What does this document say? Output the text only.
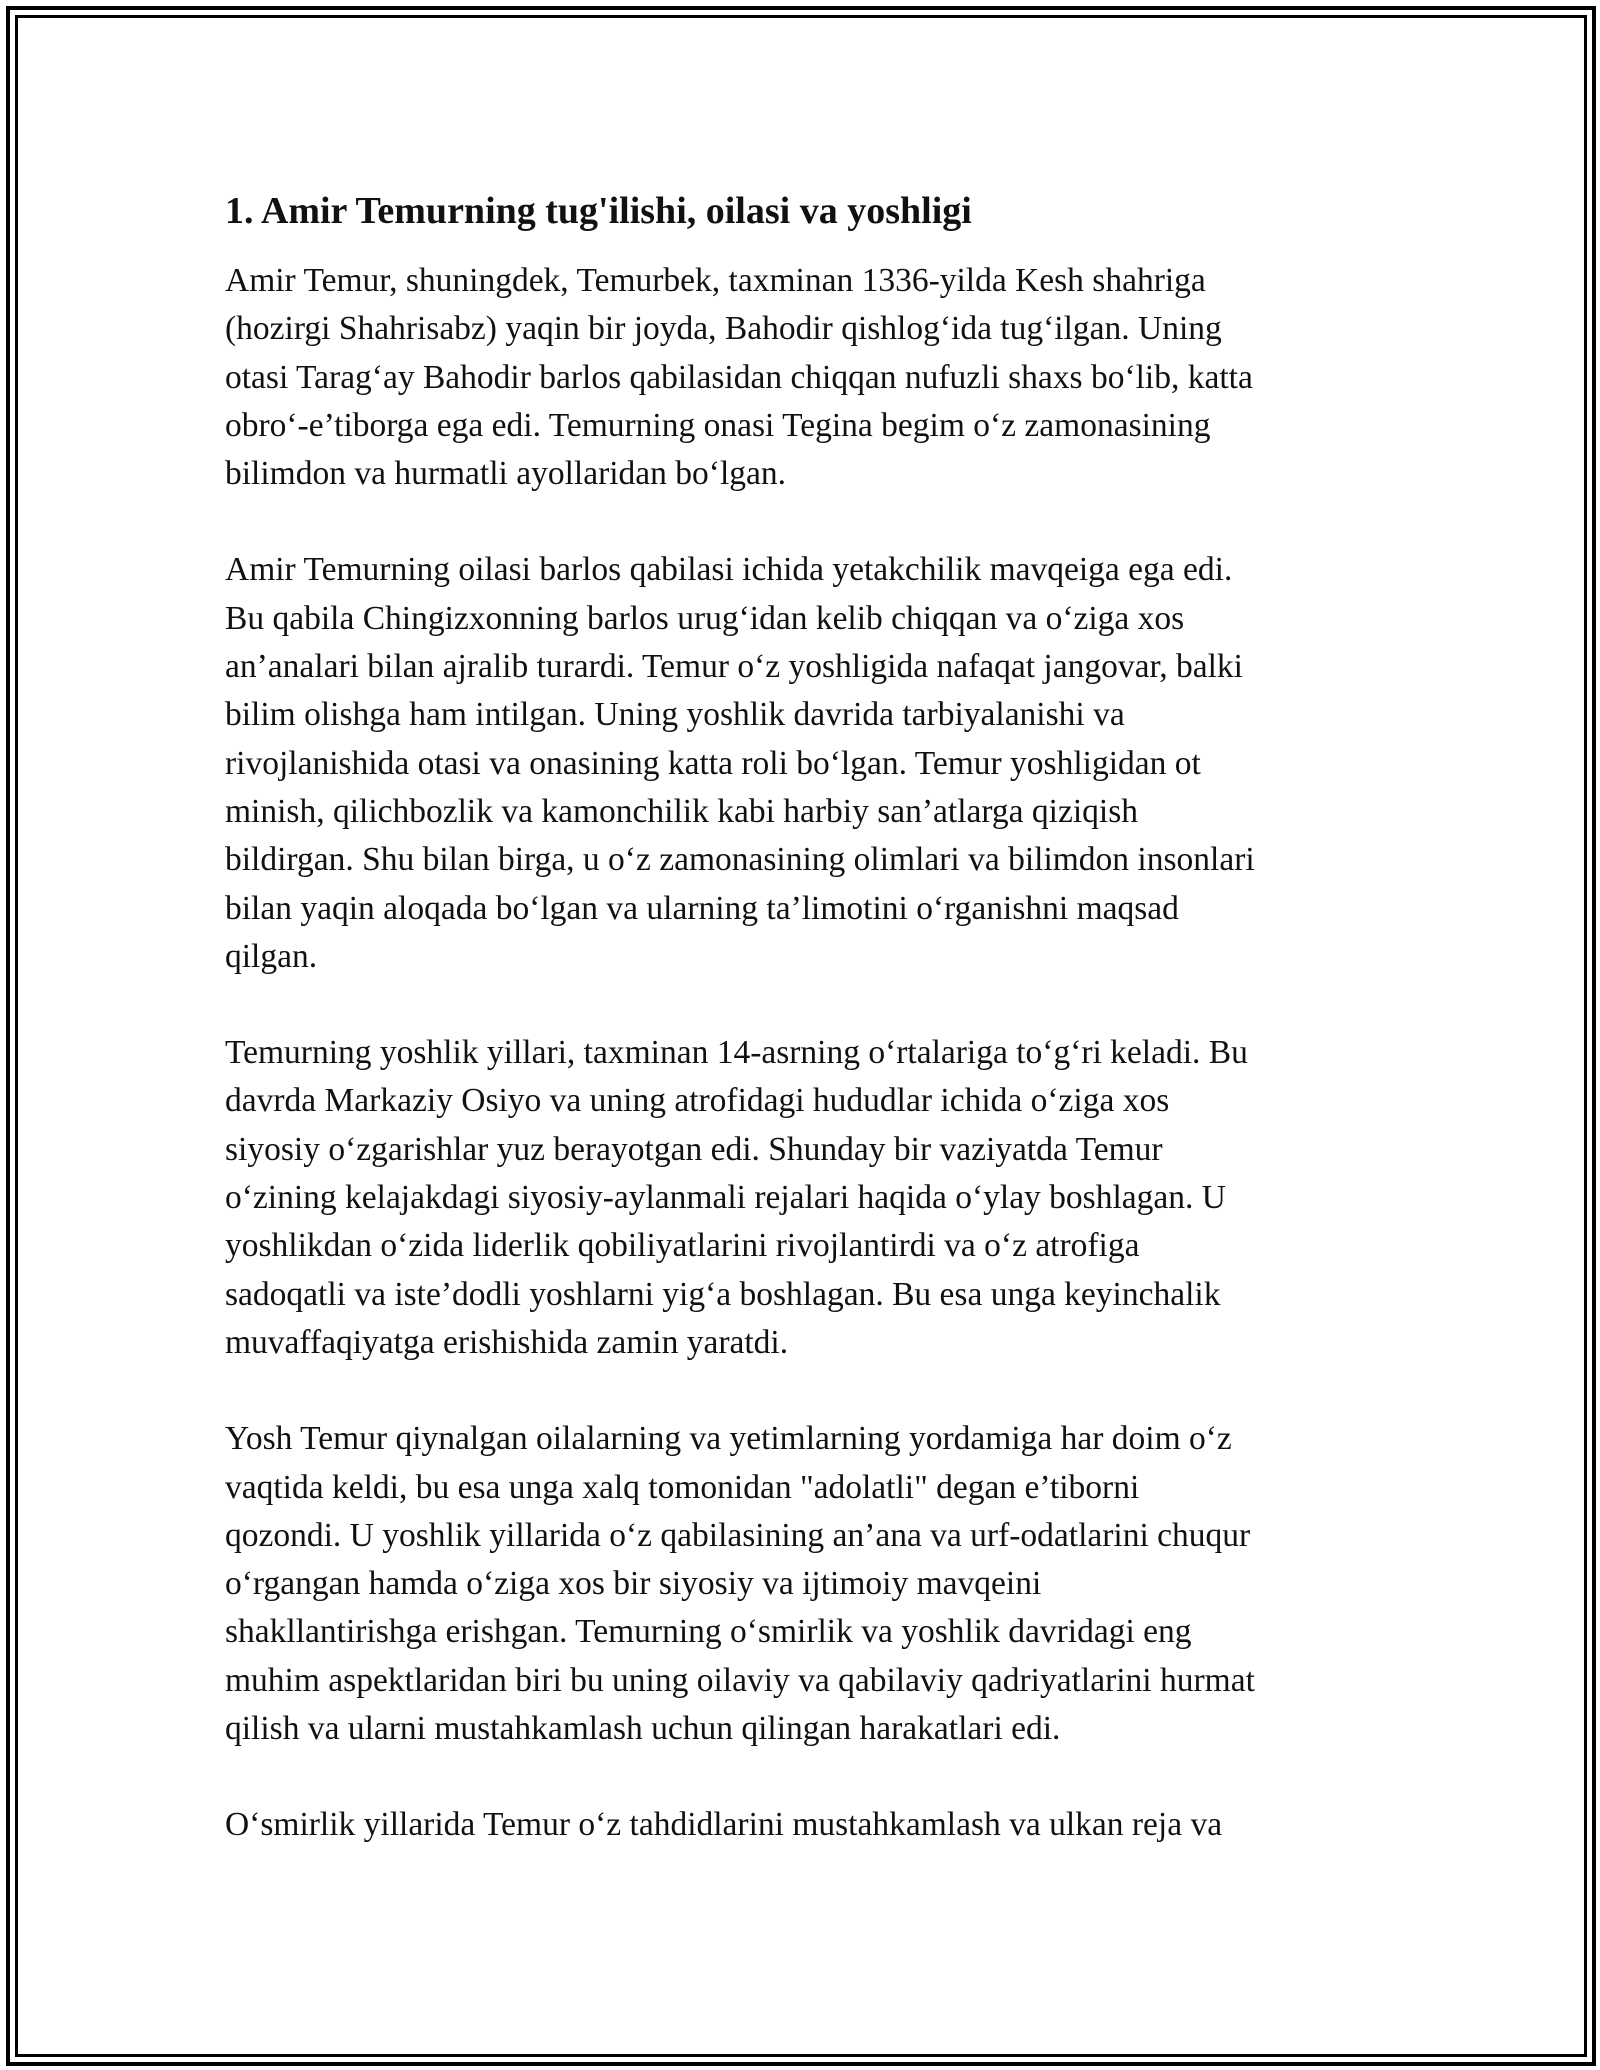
1. Amir Temurning tug'ilishi, oilasi va yoshligi

Amir Temur, shuningdek, Temurbek, taxminan 1336-yilda Kesh shahriga
(hozirgi Shahrisabz) yaqin bir joyda, Bahodir qishlog‘ida tug‘ilgan. Uning
otasi Tarag‘ay Bahodir barlos qabilasidan chiqqan nufuzli shaxs bo‘lib, katta
obro‘-e’tiborga ega edi. Temurning onasi Tegina begim o‘z zamonasining
bilimdon va hurmatli ayollaridan bo‘lgan.

Amir Temurning oilasi barlos qabilasi ichida yetakchilik mavqeiga ega edi.
Bu qabila Chingizxonning barlos urug‘idan kelib chiqqan va o‘ziga xos
an’analari bilan ajralib turardi. Temur o‘z yoshligida nafaqat jangovar, balki
bilim olishga ham intilgan. Uning yoshlik davrida tarbiyalanishi va
rivojlanishida otasi va onasining katta roli bo‘lgan. Temur yoshligidan ot
minish, qilichbozlik va kamonchilik kabi harbiy san’atlarga qiziqish
bildirgan. Shu bilan birga, u o‘z zamonasining olimlari va bilimdon insonlari
bilan yaqin aloqada bo‘lgan va ularning ta’limotini o‘rganishni maqsad
qilgan.

Temurning yoshlik yillari, taxminan 14-asrning o‘rtalariga to‘g‘ri keladi. Bu
davrda Markaziy Osiyo va uning atrofidagi hududlar ichida o‘ziga xos
siyosiy o‘zgarishlar yuz berayotgan edi. Shunday bir vaziyatda Temur
o‘zining kelajakdagi siyosiy-aylanmali rejalari haqida o‘ylay boshlagan. U
yoshlikdan o‘zida liderlik qobiliyatlarini rivojlantirdi va o‘z atrofiga
sadoqatli va iste’dodli yoshlarni yig‘a boshlagan. Bu esa unga keyinchalik
muvaffaqiyatga erishishida zamin yaratdi.

Yosh Temur qiynalgan oilalarning va yetimlarning yordamiga har doim o‘z
vaqtida keldi, bu esa unga xalq tomonidan "adolatli" degan e’tiborni
qozondi. U yoshlik yillarida o‘z qabilasining an’ana va urf-odatlarini chuqur
o‘rgangan hamda o‘ziga xos bir siyosiy va ijtimoiy mavqeini
shakllantirishga erishgan. Temurning o‘smirlik va yoshlik davridagi eng
muhim aspektlaridan biri bu uning oilaviy va qabilaviy qadriyatlarini hurmat
qilish va ularni mustahkamlash uchun qilingan harakatlari edi.

O‘smirlik yillarida Temur o‘z tahdidlarini mustahkamlash va ulkan reja va
